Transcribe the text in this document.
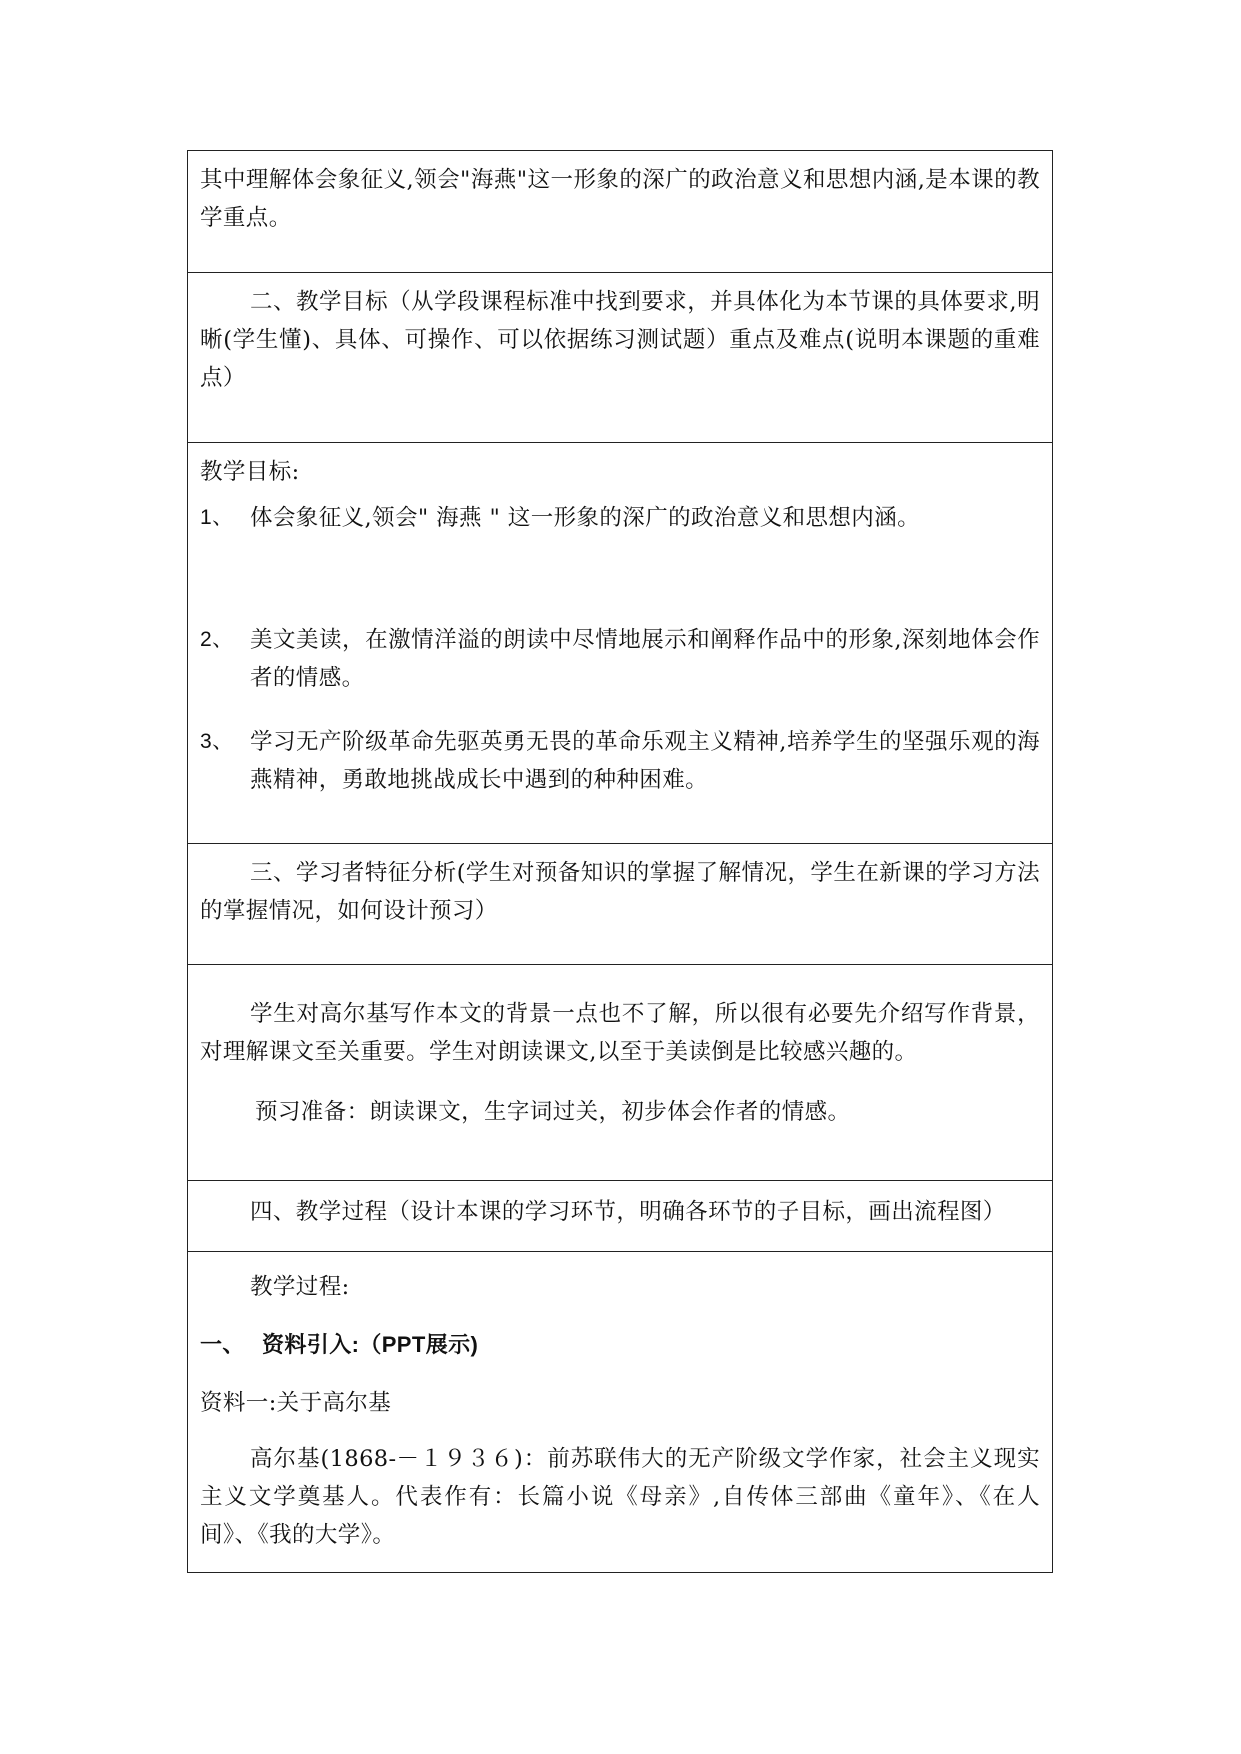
其中理解体会象征义,领会"海燕"这一形象的深广的政治意义和思想内涵,是本课的教学重点。

二、教学目标（从学段课程标准中找到要求，并具体化为本节课的具体要求,明晰(学生懂)、具体、可操作、可以依据练习测试题）重点及难点(说明本课题的重难点）

教学目标:

1、 体会象征义,领会" 海燕 " 这一形象的深广的政治意义和思想内涵。
2、 美文美读，在激情洋溢的朗读中尽情地展示和阐释作品中的形象,深刻地体会作者的情感。
3、 学习无产阶级革命先驱英勇无畏的革命乐观主义精神,培养学生的坚强乐观的海燕精神，勇敢地挑战成长中遇到的种种困难。

三、学习者特征分析(学生对预备知识的掌握了解情况，学生在新课的学习方法的掌握情况，如何设计预习）

学生对高尔基写作本文的背景一点也不了解，所以很有必要先介绍写作背景，对理解课文至关重要。学生对朗读课文,以至于美读倒是比较感兴趣的。

预习准备：朗读课文，生字词过关，初步体会作者的情感。

四、教学过程（设计本课的学习环节，明确各环节的子目标，画出流程图）

教学过程:

一、 资料引入:（PPT展示)

资料一:关于高尔基

高尔基(1868-－１９３６)：前苏联伟大的无产阶级文学作家，社会主义现实主义文学奠基人。代表作有：长篇小说《母亲》,自传体三部曲《童年》、《在人间》、《我的大学》。
